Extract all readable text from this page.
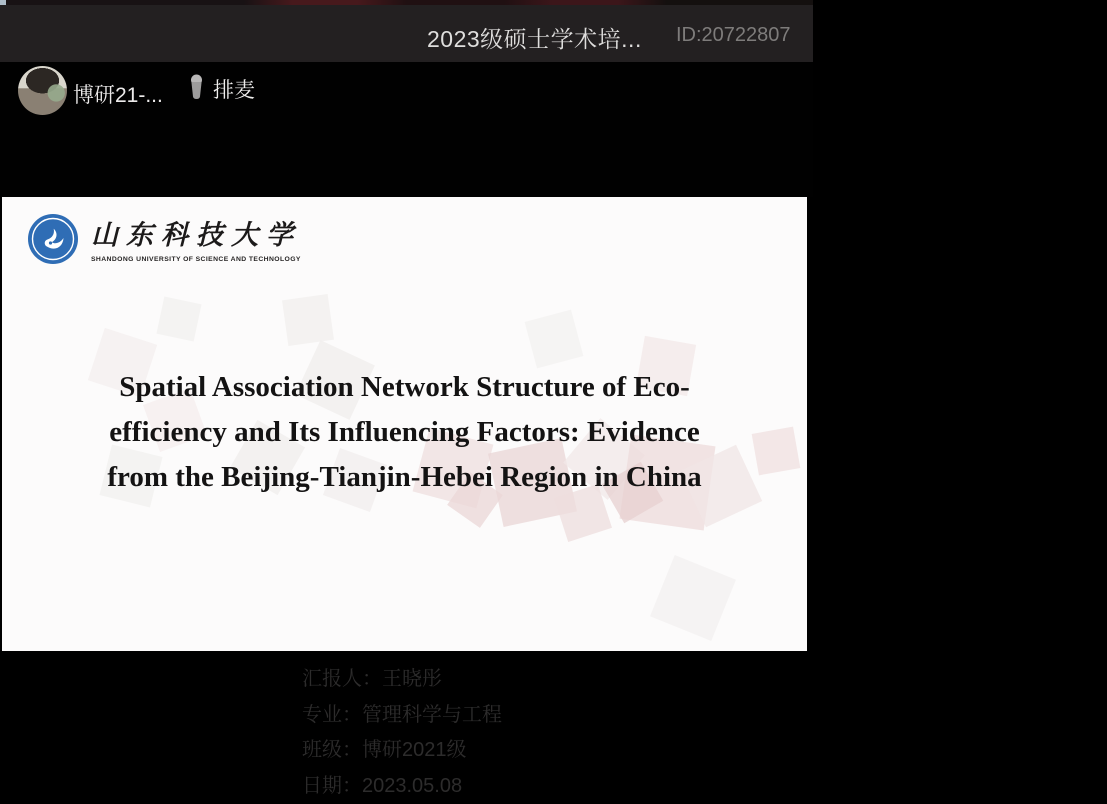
2023级硕士学术培... ID:20722807
博研21-... 排麦
山东科技大学
SHANDONG UNIVERSITY OF SCIENCE AND TECHNOLOGY
Spatial Association Network Structure of Eco-
efficiency and Its Influencing Factors: Evidence
from the Beijing-Tianjin-Hebei Region in China
汇报人：王晓彤
专业：管理科学与工程
班级：博研2021级
日期：2023.05.08
